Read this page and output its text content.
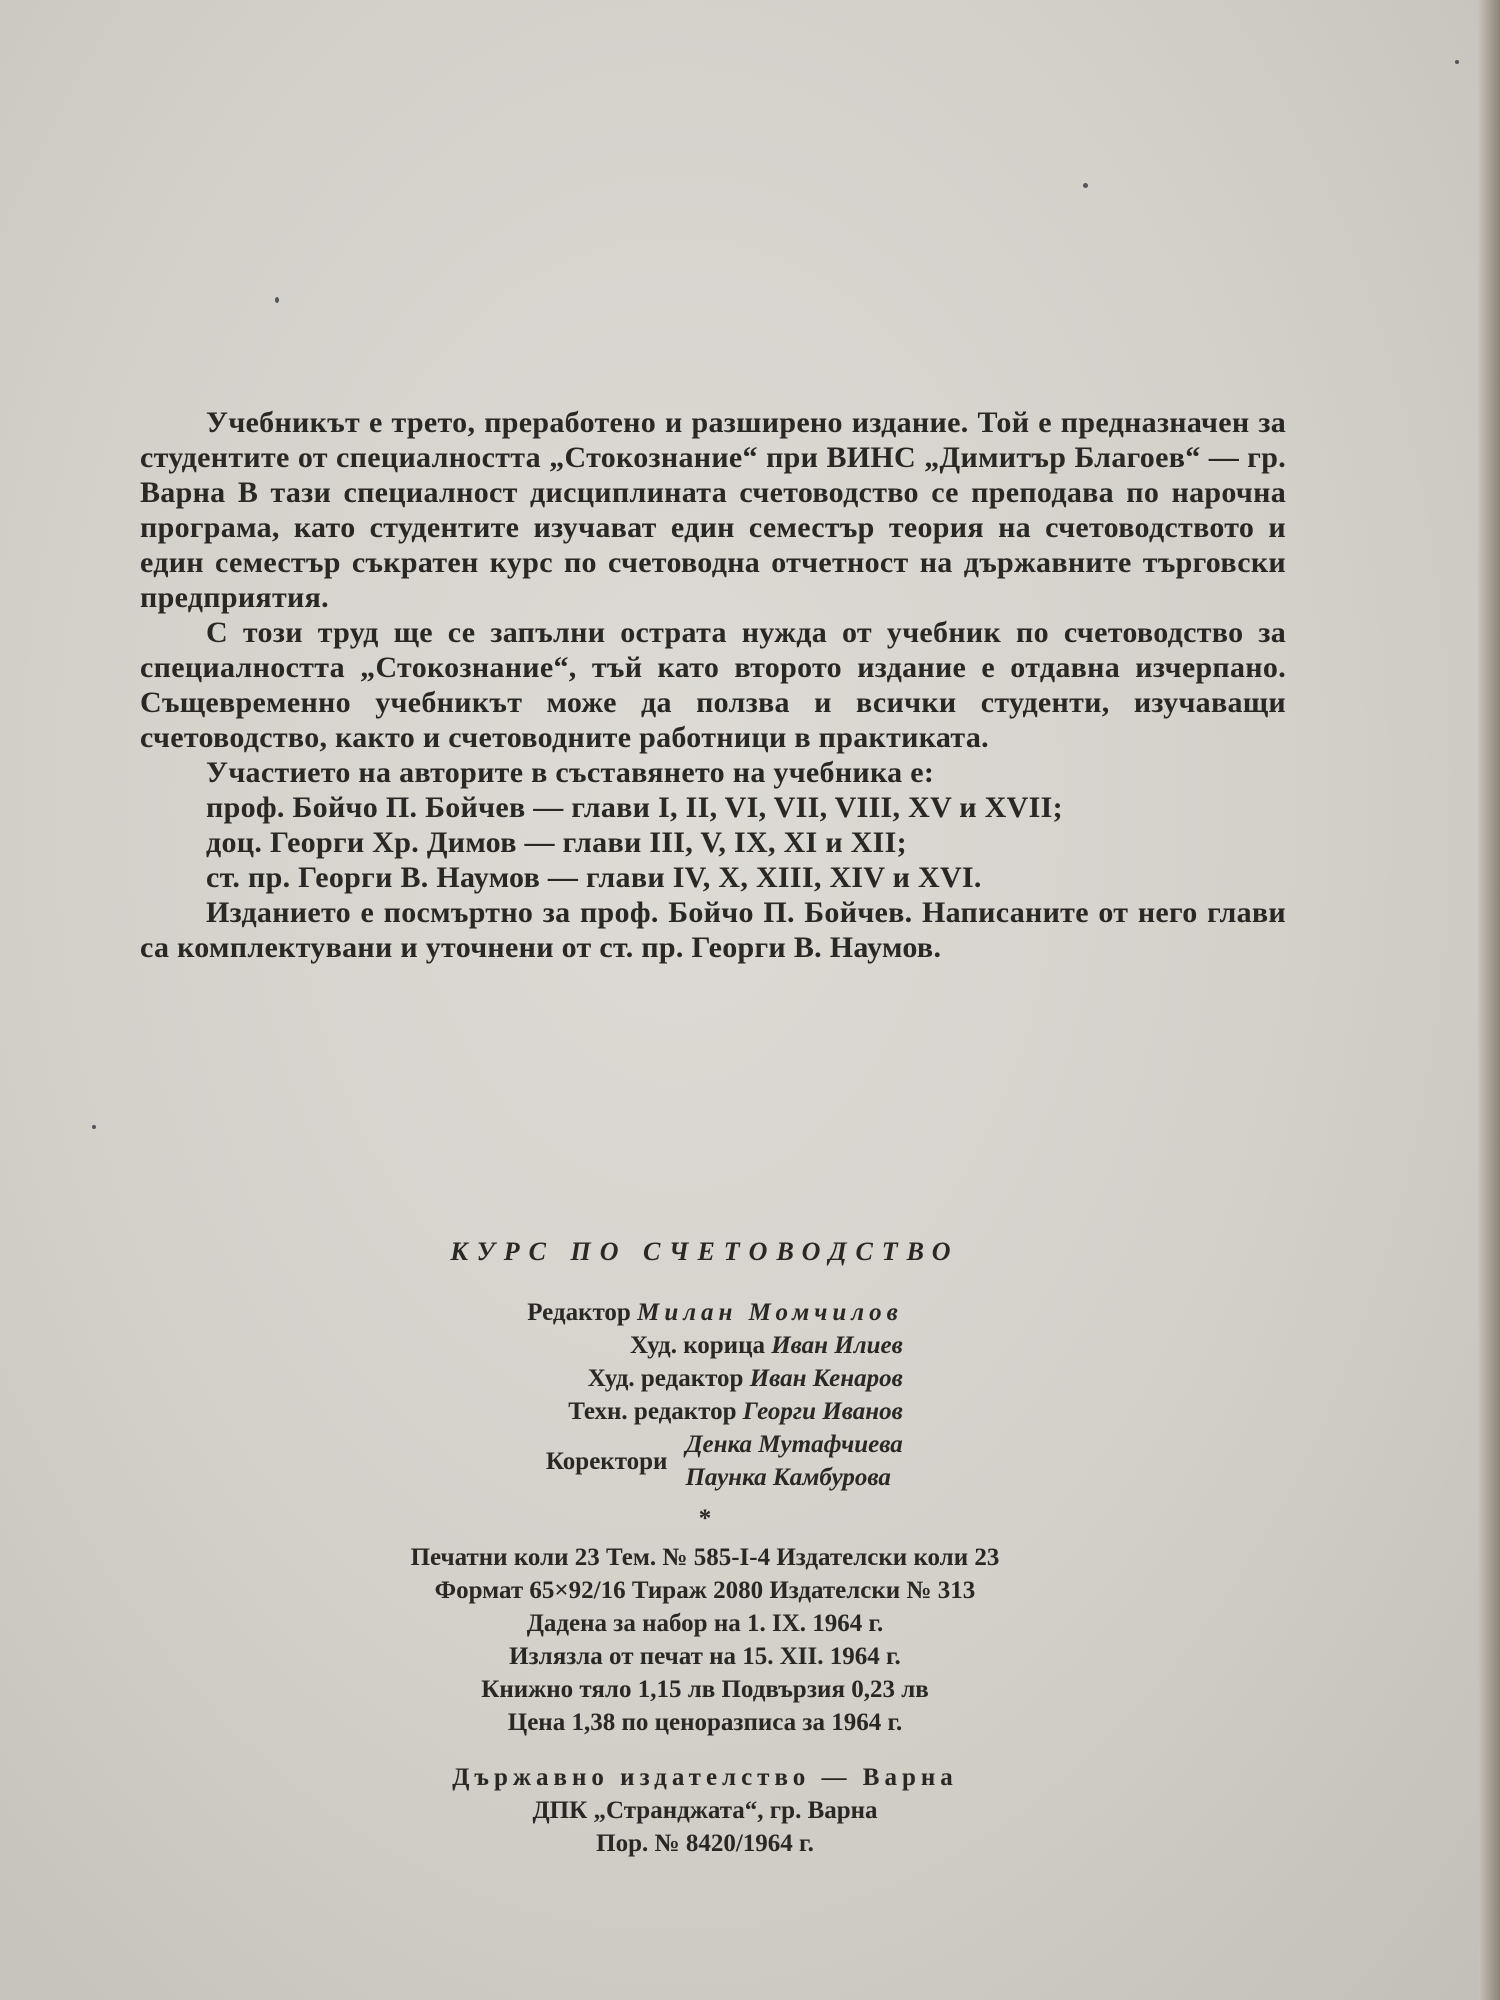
Учебникът е трето, преработено и разширено издание. Той е предназначен за студентите от специалността „Стокознание“ при ВИНС „Димитър Благоев“ — гр. Варна В тази специалност дисциплината счетоводство се преподава по нарочна програма, като студентите изучават един семестър теория на счетоводството и един семестър съкратен курс по счетоводна отчетност на държавните търговски предприятия.

С този труд ще се запълни острата нужда от учебник по счетоводство за специалността „Стокознание“, тъй като второто издание е отдавна изчерпано. Същевременно учебникът може да ползва и всички студенти, изучаващи счетоводство, както и счетоводните работници в практиката.

Участието на авторите в съставянето на учебника е:
проф. Бойчо П. Бойчев — глави I, II, VI, VII, VIII, XV и XVII;
доц. Георги Хр. Димов — глави III, V, IX, XI и XII;
ст. пр. Георги В. Наумов — глави IV, X, XIII, XIV и XVI.

Изданието е посмъртно за проф. Бойчо П. Бойчев. Написаните от него глави са комплектувани и уточнени от ст. пр. Георги В. Наумов.

КУРС ПО СЧЕТОВОДСТВО
Редактор Милан Момчилов
Худ. корица Иван Илиев
Худ. редактор Иван Кенаров
Техн. редактор Георги Иванов
Коректори
Денка Мутафчиева
Паунка Камбурова
*
Печатни коли 23 Тем. № 585-I-4 Издателски коли 23
Формат 65×92/16 Тираж 2080 Издателски № 313
Дадена за набор на 1. IX. 1964 г.
Излязла от печат на 15. XII. 1964 г.
Книжно тяло 1,15 лв Подвързия 0,23 лв
Цена 1,38 по ценоразписа за 1964 г.
Държавно издателство — Варна
ДПК „Странджата“, гр. Варна
Пор. № 8420/1964 г.
